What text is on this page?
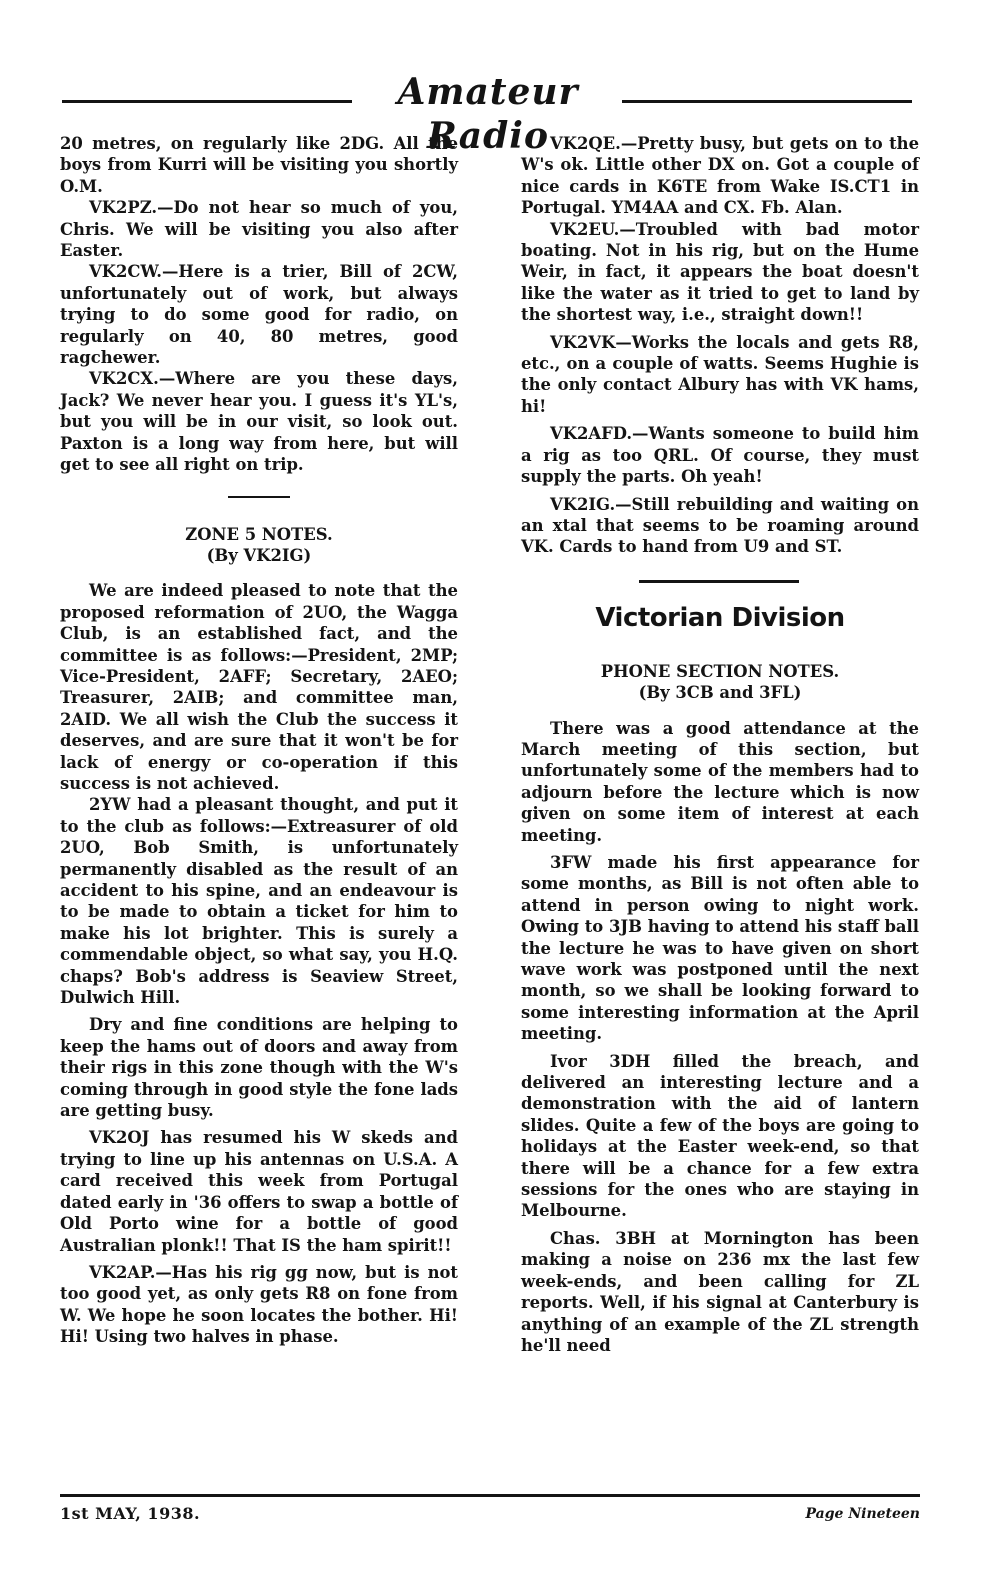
Amateur Radio

20 metres, on regularly like 2DG. All the boys from Kurri will be visiting you shortly O.M.

VK2PZ.—Do not hear so much of you, Chris. We will be visiting you also after Easter.

VK2CW.—Here is a trier, Bill of 2CW, unfortunately out of work, but always trying to do some good for radio, on regularly on 40, 80 metres, good ragchewer.

VK2CX.—Where are you these days, Jack? We never hear you. I guess it's YL's, but you will be in our visit, so look out. Paxton is a long way from here, but will get to see all right on trip.

ZONE 5 NOTES.
(By VK2IG)

We are indeed pleased to note that the proposed reformation of 2UO, the Wagga Club, is an established fact, and the committee is as follows:—President, 2MP; Vice-President, 2AFF; Secretary, 2AEO; Treasurer, 2AIB; and committee man, 2AID. We all wish the Club the success it deserves, and are sure that it won't be for lack of energy or co-operation if this success is not achieved.

2YW had a pleasant thought, and put it to the club as follows:—Extreasurer of old 2UO, Bob Smith, is unfortunately permanently disabled as the result of an accident to his spine, and an endeavour is to be made to obtain a ticket for him to make his lot brighter. This is surely a commendable object, so what say, you H.Q. chaps? Bob's address is Seaview Street, Dulwich Hill.

Dry and fine conditions are helping to keep the hams out of doors and away from their rigs in this zone though with the W's coming through in good style the fone lads are getting busy.

VK2OJ has resumed his W skeds and trying to line up his antennas on U.S.A. A card received this week from Portugal dated early in '36 offers to swap a bottle of Old Porto wine for a bottle of good Australian plonk!! That IS the ham spirit!!

VK2AP.—Has his rig gg now, but is not too good yet, as only gets R8 on fone from W. We hope he soon locates the bother. Hi! Hi! Using two halves in phase.

VK2QE.—Pretty busy, but gets on to the W's ok. Little other DX on. Got a couple of nice cards in K6TE from Wake IS.CT1 in Portugal. YM4AA and CX. Fb. Alan.

VK2EU.—Troubled with bad motor boating. Not in his rig, but on the Hume Weir, in fact, it appears the boat doesn't like the water as it tried to get to land by the shortest way, i.e., straight down!!

VK2VK—Works the locals and gets R8, etc., on a couple of watts. Seems Hughie is the only contact Albury has with VK hams, hi!

VK2AFD.—Wants someone to build him a rig as too QRL. Of course, they must supply the parts. Oh yeah!

VK2IG.—Still rebuilding and waiting on an xtal that seems to be roaming around VK. Cards to hand from U9 and ST.

Victorian Division
PHONE SECTION NOTES.
(By 3CB and 3FL)

There was a good attendance at the March meeting of this section, but unfortunately some of the members had to adjourn before the lecture which is now given on some item of interest at each meeting.

3FW made his first appearance for some months, as Bill is not often able to attend in person owing to night work. Owing to 3JB having to attend his staff ball the lecture he was to have given on short wave work was postponed until the next month, so we shall be looking forward to some interesting information at the April meeting.

Ivor 3DH filled the breach, and delivered an interesting lecture and a demonstration with the aid of lantern slides. Quite a few of the boys are going to holidays at the Easter week-end, so that there will be a chance for a few extra sessions for the ones who are staying in Melbourne.

Chas. 3BH at Mornington has been making a noise on 236 mx the last few week-ends, and been calling for ZL reports. Well, if his signal at Canterbury is anything of an example of the ZL strength he'll need

1st MAY, 1938.	Page Nineteen
